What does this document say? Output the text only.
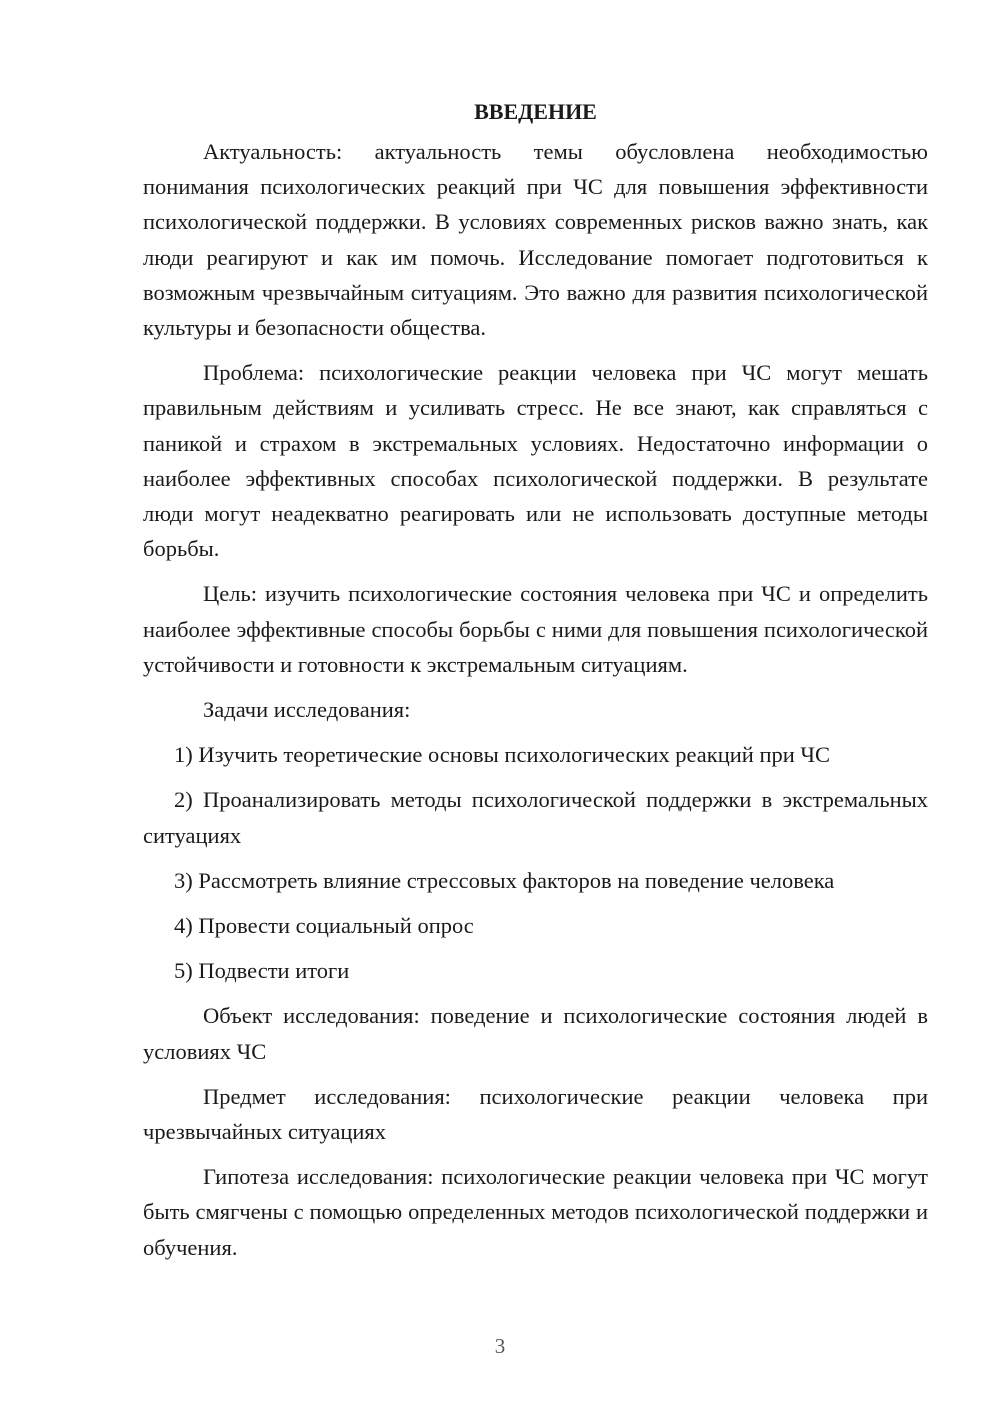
ВВЕДЕНИЕ

Актуальность: актуальность темы обусловлена необходимостью понимания психологических реакций при ЧС для повышения эффективности психологической поддержки. В условиях современных рисков важно знать, как люди реагируют и как им помочь. Исследование помогает подготовиться к возможным чрезвычайным ситуациям. Это важно для развития психологической культуры и безопасности общества.

Проблема: психологические реакции человека при ЧС могут мешать правильным действиям и усиливать стресс. Не все знают, как справляться с паникой и страхом в экстремальных условиях. Недостаточно информации о наиболее эффективных способах психологической поддержки. В результате люди могут неадекватно реагировать или не использовать доступные методы борьбы.

Цель: изучить психологические состояния человека при ЧС и определить наиболее эффективные способы борьбы с ними для повышения психологической устойчивости и готовности к экстремальным ситуациям.

Задачи исследования:

1) Изучить теоретические основы психологических реакций при ЧС

2) Проанализировать методы психологической поддержки в экстремальных ситуациях

3) Рассмотреть влияние стрессовых факторов на поведение человека

4) Провести социальный опрос

5) Подвести итоги

Объект исследования: поведение и психологические состояния людей в условиях ЧС

Предмет исследования: психологические реакции человека при чрезвычайных ситуациях

Гипотеза исследования: психологические реакции человека при ЧС могут быть смягчены с помощью определенных методов психологической поддержки и обучения.

3
